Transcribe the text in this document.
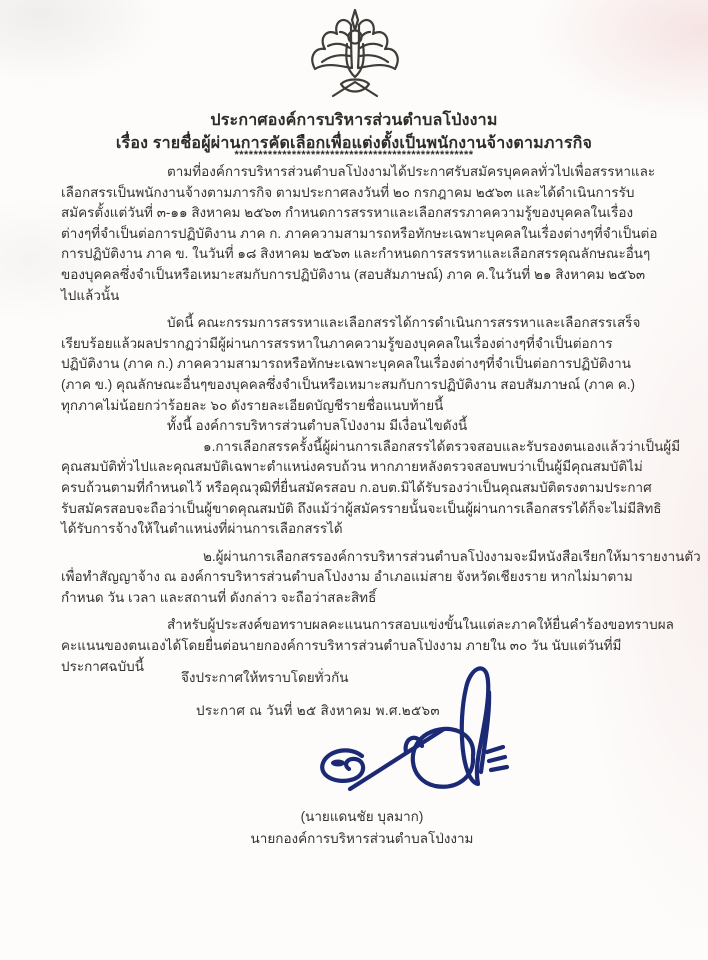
ประกาศองค์การบริหารส่วนตำบลโป่งงาม
เรื่อง รายชื่อผู้ผ่านการคัดเลือกเพื่อแต่งตั้งเป็นพนักงานจ้างตามภารกิจ
**************************************************
ตามที่องค์การบริหารส่วนตำบลโป่งงามได้ประกาศรับสมัครบุคคลทั่วไปเพื่อสรรหาและ
เลือกสรรเป็นพนักงานจ้างตามภารกิจ ตามประกาศลงวันที่ ๒๐ กรกฎาคม ๒๕๖๓ และได้ดำเนินการรับ
สมัครตั้งแต่วันที่ ๓-๑๑ สิงหาคม ๒๕๖๓ กำหนดการสรรหาและเลือกสรรภาคความรู้ของบุคคลในเรื่อง
ต่างๆที่จำเป็นต่อการปฏิบัติงาน ภาค ก. ภาคความสามารถหรือทักษะเฉพาะบุคคลในเรื่องต่างๆที่จำเป็นต่อ
การปฏิบัติงาน ภาค ข. ในวันที่ ๑๘ สิงหาคม ๒๕๖๓ และกำหนดการสรรหาและเลือกสรรคุณลักษณะอื่นๆ
ของบุคคลซึ่งจำเป็นหรือเหมาะสมกับการปฏิบัติงาน (สอบสัมภาษณ์) ภาค ค.ในวันที่ ๒๑ สิงหาคม ๒๕๖๓
ไปแล้วนั้น
บัดนี้ คณะกรรมการสรรหาและเลือกสรรได้การดำเนินการสรรหาและเลือกสรรเสร็จ
เรียบร้อยแล้วผลปรากฏว่ามีผู้ผ่านการสรรหาในภาคความรู้ของบุคคลในเรื่องต่างๆที่จำเป็นต่อการ
ปฏิบัติงาน (ภาค ก.) ภาคความสามารถหรือทักษะเฉพาะบุคคลในเรื่องต่างๆที่จำเป็นต่อการปฏิบัติงาน
(ภาค ข.) คุณลักษณะอื่นๆของบุคคลซึ่งจำเป็นหรือเหมาะสมกับการปฏิบัติงาน สอบสัมภาษณ์ (ภาค ค.)
ทุกภาคไม่น้อยกว่าร้อยละ ๖๐ ดังรายละเอียดบัญชีรายชื่อแนบท้ายนี้
ทั้งนี้ องค์การบริหารส่วนตำบลโป่งงาม มีเงื่อนไขดังนี้
๑.การเลือกสรรครั้งนี้ผู้ผ่านการเลือกสรรได้ตรวจสอบและรับรองตนเองแล้วว่าเป็นผู้มี
คุณสมบัติทั่วไปและคุณสมบัติเฉพาะตำแหน่งครบถ้วน หากภายหลังตรวจสอบพบว่าเป็นผู้มีคุณสมบัติไม่
ครบถ้วนตามที่กำหนดไว้ หรือคุณวุฒิที่ยื่นสมัครสอบ ก.อบต.มิได้รับรองว่าเป็นคุณสมบัติตรงตามประกาศ
รับสมัครสอบจะถือว่าเป็นผู้ขาดคุณสมบัติ ถึงแม้ว่าผู้สมัครรายนั้นจะเป็นผู้ผ่านการเลือกสรรได้ก็จะไม่มีสิทธิ
ได้รับการจ้างให้ในตำแหน่งที่ผ่านการเลือกสรรได้
๒.ผู้ผ่านการเลือกสรรองค์การบริหารส่วนตำบลโป่งงามจะมีหนังสือเรียกให้มารายงานตัว
เพื่อทำสัญญาจ้าง ณ องค์การบริหารส่วนตำบลโป่งงาม อำเภอแม่สาย จังหวัดเชียงราย หากไม่มาตาม
กำหนด วัน เวลา และสถานที่ ดังกล่าว จะถือว่าสละสิทธิ์
สำหรับผู้ประสงค์ขอทราบผลคะแนนการสอบแข่งขั้นในแต่ละภาคให้ยื่นคำร้องขอทราบผล
คะแนนของตนเองได้โดยยื่นต่อนายกองค์การบริหารส่วนตำบลโป่งงาม ภายใน ๓๐ วัน นับแต่วันที่มี
ประกาศฉบับนี้
จึงประกาศให้ทราบโดยทั่วกัน
ประกาศ ณ วันที่ ๒๕ สิงหาคม พ.ศ.๒๕๖๓
(นายแดนชัย บุลมาก)
นายกองค์การบริหารส่วนตำบลโป่งงาม
